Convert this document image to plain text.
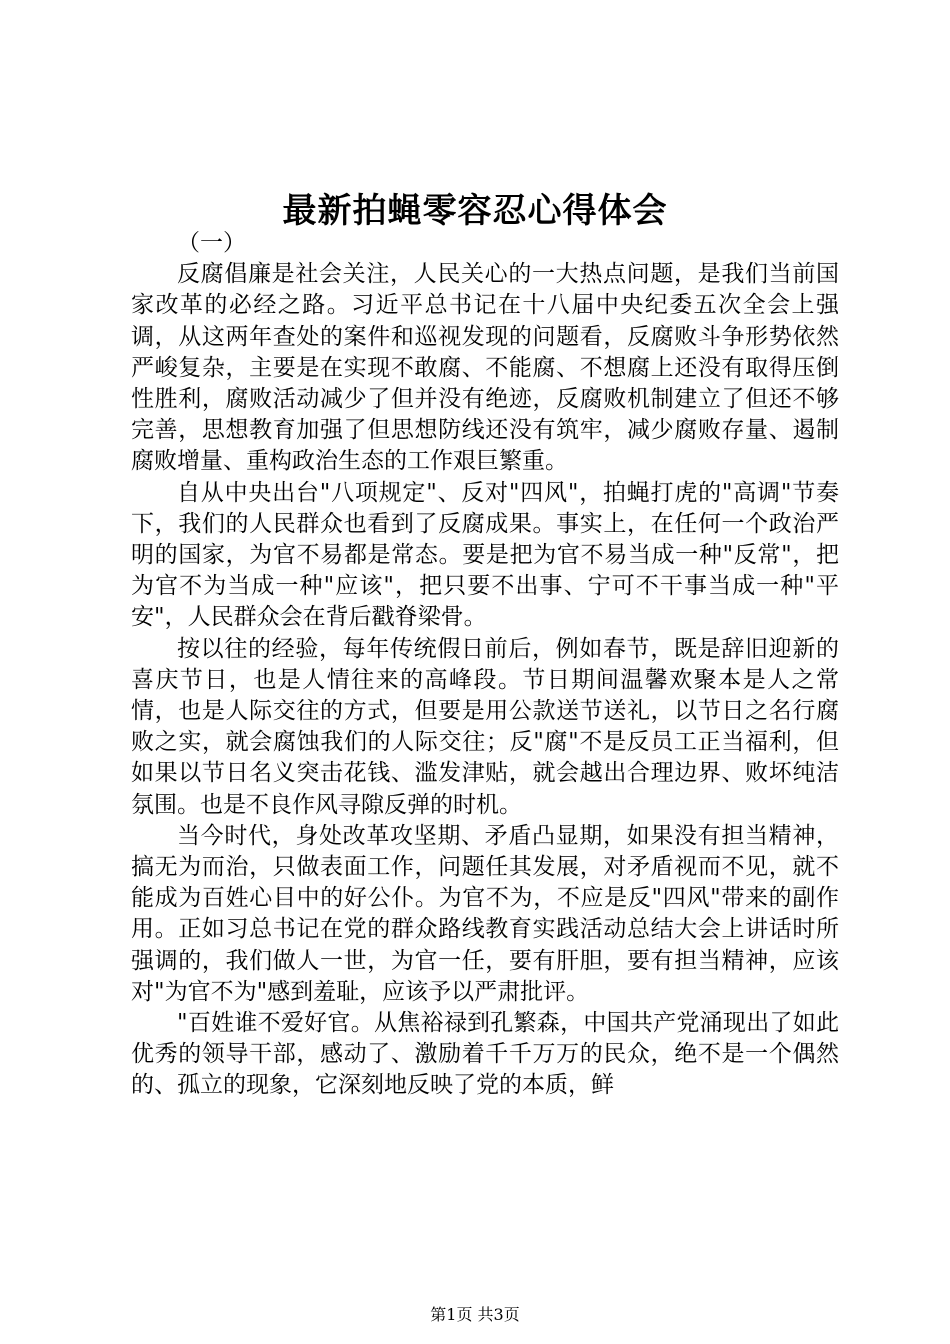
最新拍蝇零容忍心得体会

（一）

反腐倡廉是社会关注，人民关心的一大热点问题，是我们当前国家改革的必经之路。习近平总书记在十八届中央纪委五次全会上强调，从这两年查处的案件和巡视发现的问题看，反腐败斗争形势依然严峻复杂，主要是在实现不敢腐、不能腐、不想腐上还没有取得压倒性胜利，腐败活动减少了但并没有绝迹，反腐败机制建立了但还不够完善，思想教育加强了但思想防线还没有筑牢，减少腐败存量、遏制腐败增量、重构政治生态的工作艰巨繁重。

自从中央出台"八项规定"、反对"四风"，拍蝇打虎的"高调"节奏下，我们的人民群众也看到了反腐成果。事实上，在任何一个政治严明的国家，为官不易都是常态。要是把为官不易当成一种"反常"，把为官不为当成一种"应该"，把只要不出事、宁可不干事当成一种"平安"，人民群众会在背后戳脊梁骨。

按以往的经验，每年传统假日前后，例如春节，既是辞旧迎新的喜庆节日，也是人情往来的高峰段。节日期间温馨欢聚本是人之常情，也是人际交往的方式，但要是用公款送节送礼，以节日之名行腐败之实，就会腐蚀我们的人际交往；反"腐"不是反员工正当福利，但如果以节日名义突击花钱、滥发津贴，就会越出合理边界、败坏纯洁氛围。也是不良作风寻隙反弹的时机。

当今时代，身处改革攻坚期、矛盾凸显期，如果没有担当精神，搞无为而治，只做表面工作，问题任其发展，对矛盾视而不见，就不能成为百姓心目中的好公仆。为官不为，不应是反"四风"带来的副作用。正如习总书记在党的群众路线教育实践活动总结大会上讲话时所强调的，我们做人一世，为官一任，要有肝胆，要有担当精神，应该对"为官不为"感到羞耻，应该予以严肃批评。

"百姓谁不爱好官。从焦裕禄到孔繁森，中国共产党涌现出了如此优秀的领导干部，感动了、激励着千千万万的民众，绝不是一个偶然的、孤立的现象，它深刻地反映了党的本质，鲜

第1页 共3页
